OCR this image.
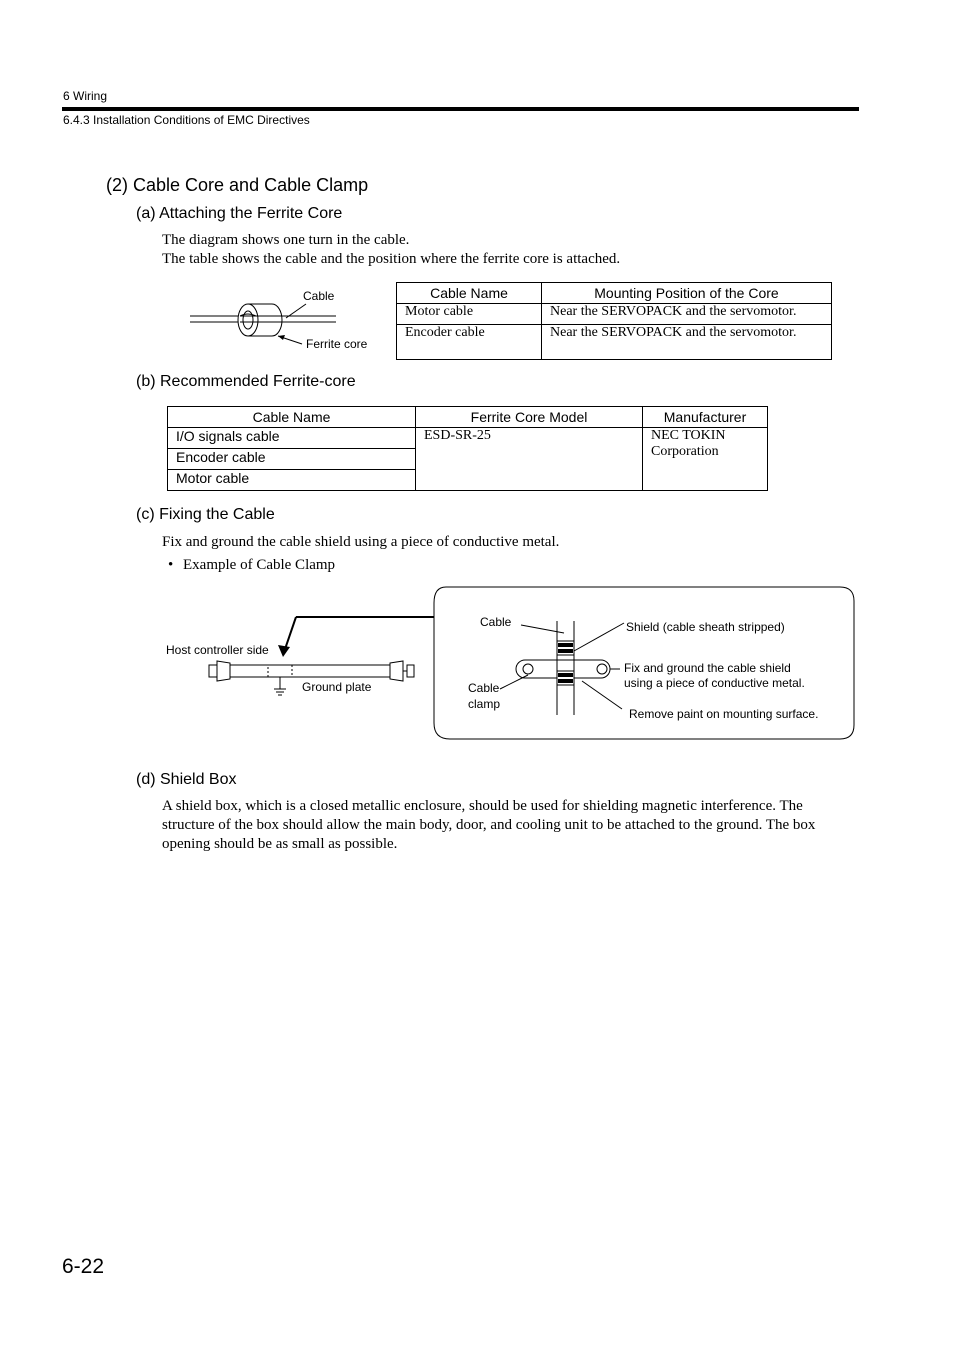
6 Wiring
6.4.3 Installation Conditions of EMC Directives
(2) Cable Core and Cable Clamp
(a) Attaching the Ferrite Core
The diagram shows one turn in the cable.
The table shows the cable and the position where the ferrite core is attached.
Cable
Ferrite core
Cable Name	Mounting Position of the Core
Motor cable	Near the SERVOPACK and the servomotor.
Encoder cable	Near the SERVOPACK and the servomotor.
(b) Recommended Ferrite-core
Cable Name	Ferrite Core Model	Manufacturer
I/O signals cable	ESD-SR-25	NEC TOKIN
Corporation

Encoder cable		
Motor cable		
(c) Fixing the Cable
Fix and ground the cable shield using a piece of conductive metal.
• Example of Cable Clamp
Host controller side
Ground plate
Cable
Cable
clamp
Shield (cable sheath stripped)
Fix and ground the cable shield
using a piece of conductive metal.
Remove paint on mounting surface.
(d) Shield Box
A shield box, which is a closed metallic enclosure, should be used for shielding magnetic interference. The
structure of the box should allow the main body, door, and cooling unit to be attached to the ground. The box
opening should be as small as possible.
6-22
